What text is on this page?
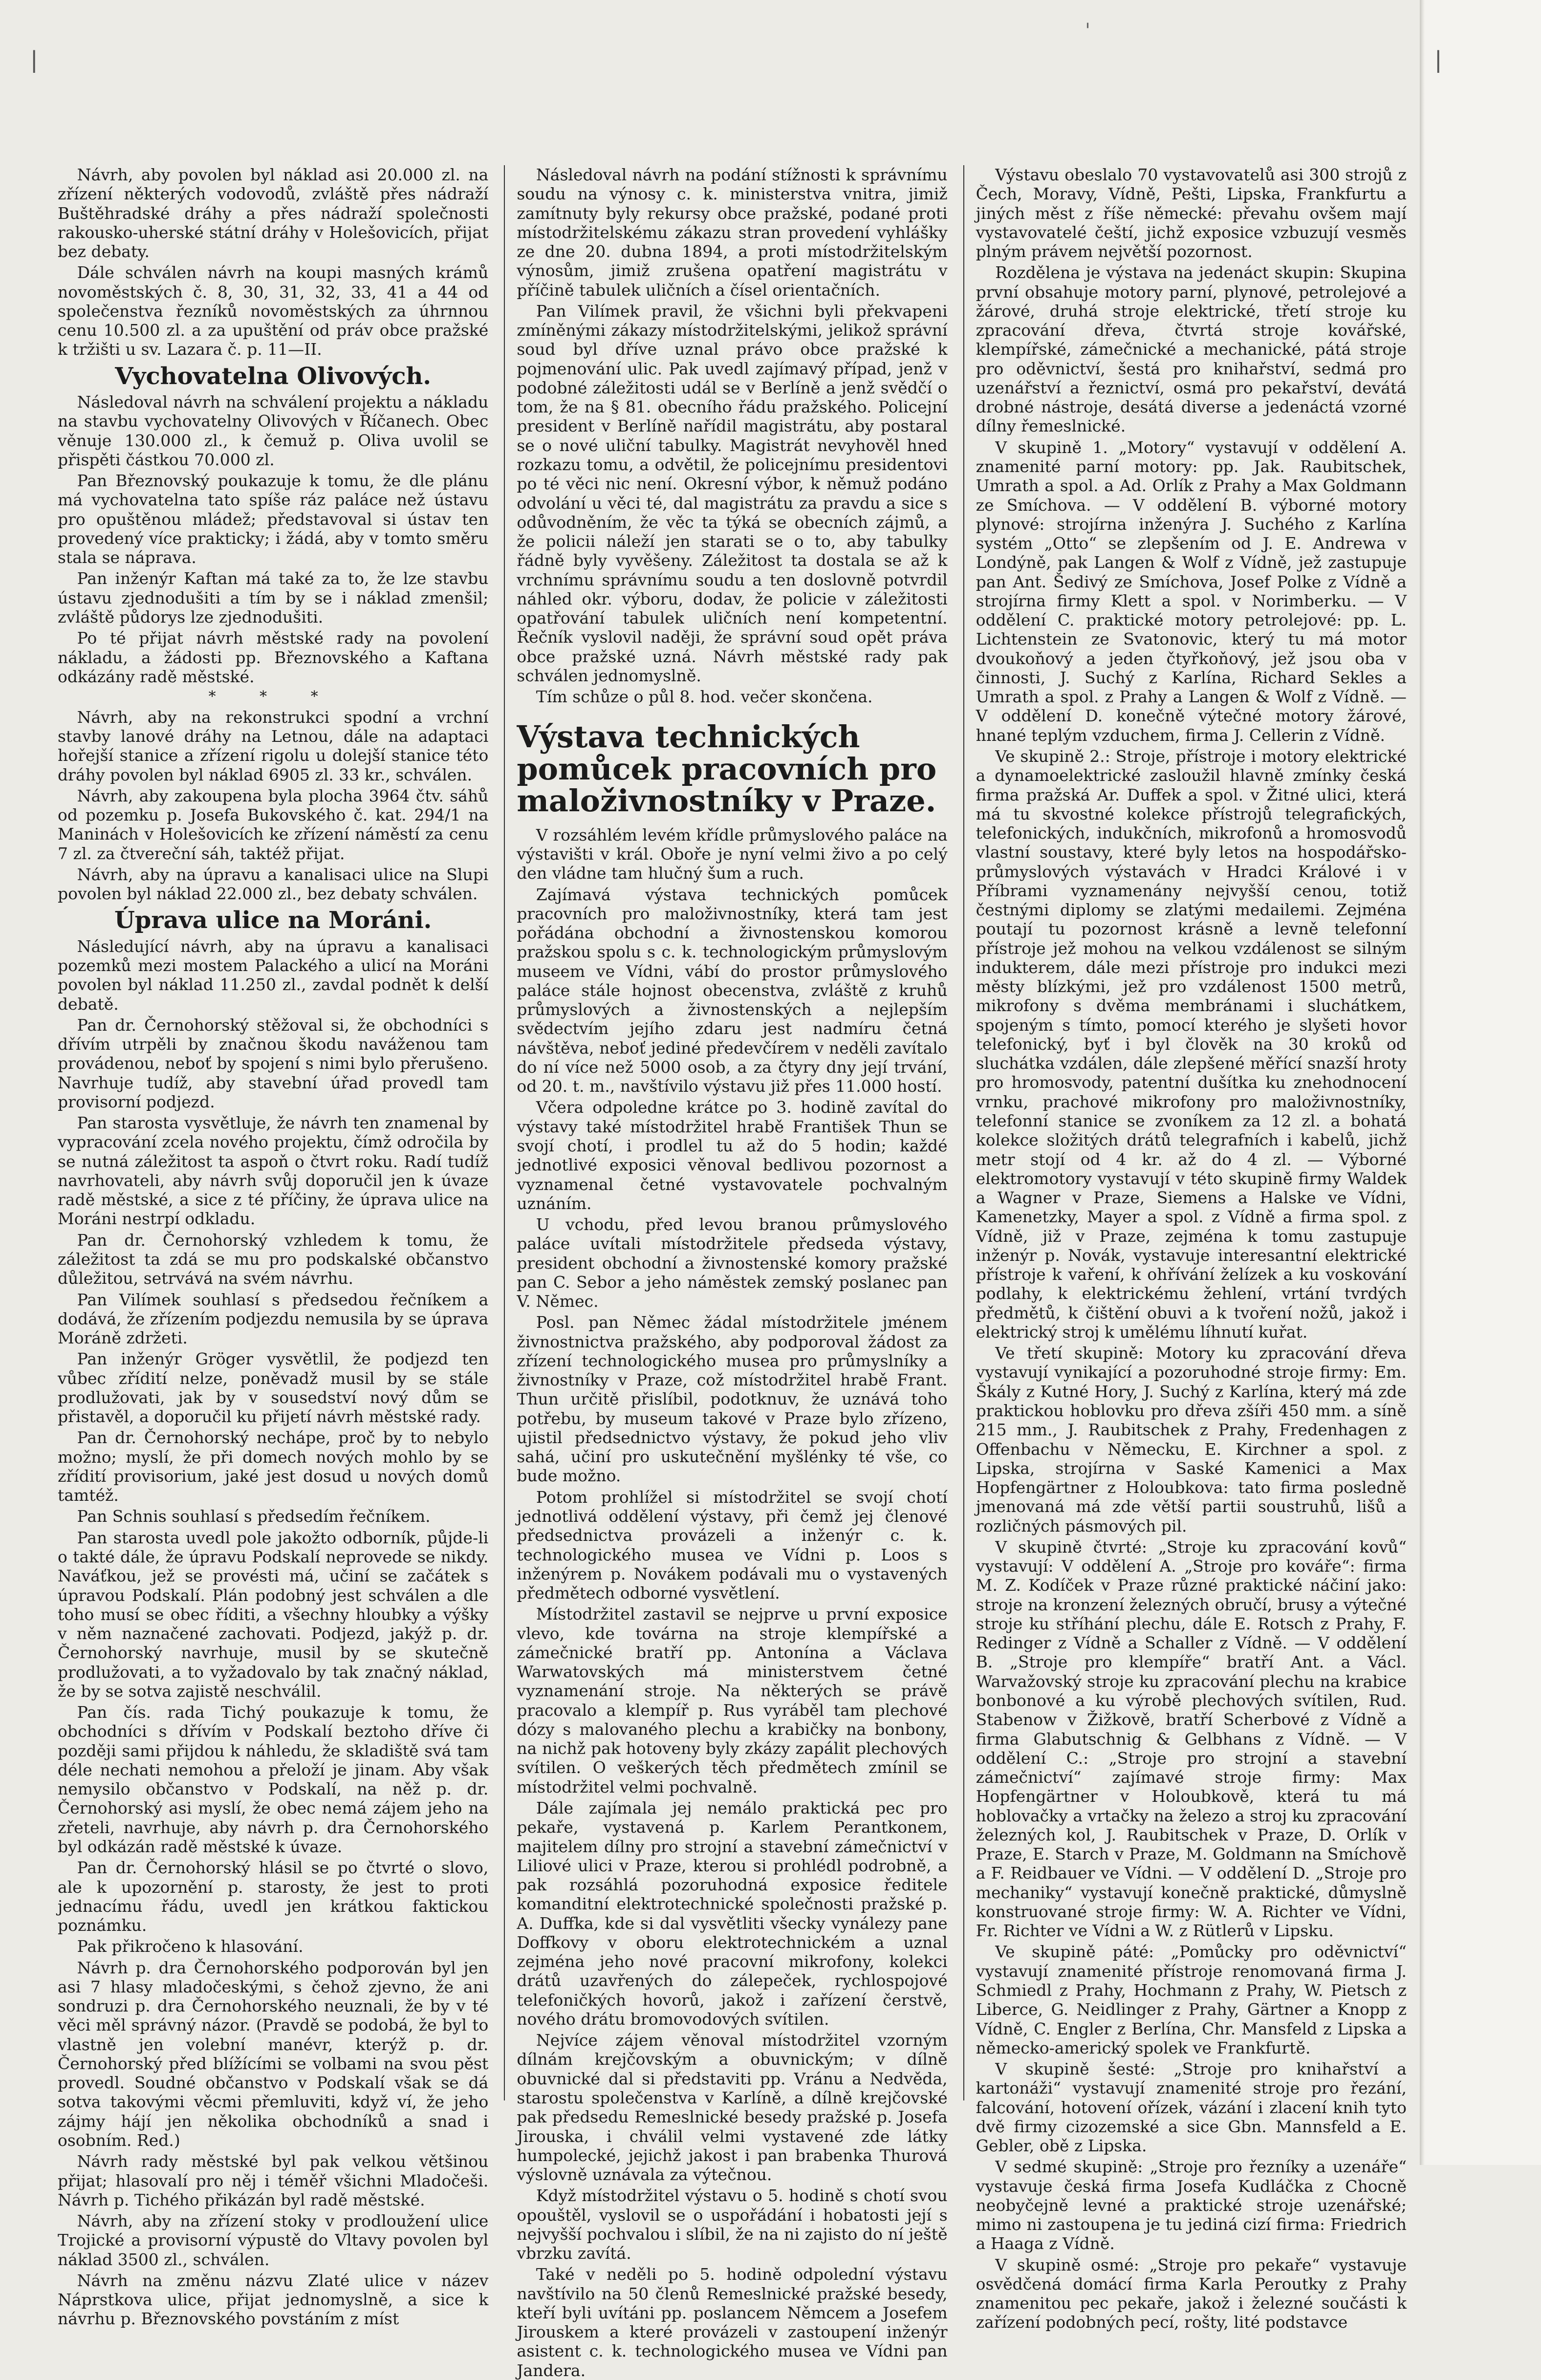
|	|
'

Návrh, aby povolen byl náklad asi 20.000 zl. na zřízení některých vodovodů, zvláště přes nádraží Buštěhradské dráhy a přes nádraží společnosti rakousko-uherské státní dráhy v Holešovicích, přijat bez debaty.

Dále schválen návrh na koupi masných krámů novoměstských č. 8, 30, 31, 32, 33, 41 a 44 od společenstva řezníků novoměstských za úhrnnou cenu 10.500 zl. a za upuštění od práv obce pražské k tržišti u sv. Lazara č. p. 11—II.

Vychovatelna Olivových.

Následoval návrh na schválení projektu a nákladu na stavbu vychovatelny Olivových v Říčanech. Obec věnuje 130.000 zl., k čemuž p. Oliva uvolil se přispěti částkou 70.000 zl.

Pan Březnovský poukazuje k tomu, že dle plánu má vychovatelna tato spíše ráz paláce než ústavu pro opuštěnou mládež; představoval si ústav ten provedený více prakticky; i žádá, aby v tomto směru stala se náprava.

Pan inženýr Kaftan má také za to, že lze stavbu ústavu zjednodušiti a tím by se i náklad zmenšil; zvláště půdorys lze zjednodušiti.

Po té přijat návrh městské rady na povolení nákladu, a žádosti pp. Březnovského a Kaftana odkázány radě městské.

* * *

Návrh, aby na rekonstrukci spodní a vrchní stavby lanové dráhy na Letnou, dále na adaptaci hořejší stanice a zřízení rigolu u dolejší stanice této dráhy povolen byl náklad 6905 zl. 33 kr., schválen.

Návrh, aby zakoupena byla plocha 3964 čtv. sáhů od pozemku p. Josefa Bukovského č. kat. 294/1 na Maninách v Holešovicích ke zřízení náměstí za cenu 7 zl. za čtvereční sáh, taktéž přijat.

Návrh, aby na úpravu a kanalisaci ulice na Slupi povolen byl náklad 22.000 zl., bez debaty schválen.

Úprava ulice na Moráni.

Následující návrh, aby na úpravu a kanalisaci pozemků mezi mostem Palackého a ulicí na Moráni povolen byl náklad 11.250 zl., zavdal podnět k delší debatě.

Pan dr. Černohorský stěžoval si, že obchodníci s dřívím utrpěli by značnou škodu naváženou tam provádenou, neboť by spojení s nimi bylo přerušeno. Navrhuje tudíž, aby stavební úřad provedl tam provisorní podjezd.

Pan starosta vysvětluje, že návrh ten znamenal by vypracování zcela nového projektu, čímž odročila by se nutná záležitost ta aspoň o čtvrt roku. Radí tudíž navrhovateli, aby návrh svůj doporučil jen k úvaze radě městské, a sice z té příčiny, že úprava ulice na Moráni nestrpí odkladu.

Pan dr. Černohorský vzhledem k tomu, že záležitost ta zdá se mu pro podskalské občanstvo důležitou, setrvává na svém návrhu.

Pan Vilímek souhlasí s předsedou řečníkem a dodává, že zřízením podjezdu nemusila by se úprava Moráně zdržeti.

Pan inženýr Gröger vysvětlil, že podjezd ten vůbec zřídití nelze, poněvadž musil by se stále prodlužovati, jak by v sousedství nový dům se přistavěl, a doporučil ku přijetí návrh městské rady.

Pan dr. Černohorský nechápe, proč by to nebylo možno; myslí, že při domech nových mohlo by se zřídití provisorium, jaké jest dosud u nových domů tamtéž.

Pan Schnis souhlasí s předsedím řečníkem.

Pan starosta uvedl pole jakožto odborník, půjde-li o takté dále, že úpravu Podskalí neprovede se nikdy. Naváťkou, jež se provésti má, učiní se začátek s úpravou Podskalí. Plán podobný jest schválen a dle toho musí se obec říditi, a všechny hloubky a výšky v něm naznačené zachovati. Podjezd, jakýž p. dr. Černohorský navrhuje, musil by se skutečně prodlužovati, a to vyžadovalo by tak značný náklad, že by se sotva zajistě neschválil.

Pan čís. rada Tichý poukazuje k tomu, že obchodníci s dřívím v Podskalí beztoho dříve či později sami přijdou k náhledu, že skladiště svá tam déle nechati nemohou a přeloží je jinam. Aby však nemysilo občanstvo v Podskalí, na něž p. dr. Černohorský asi myslí, že obec nemá zájem jeho na zřeteli, navrhuje, aby návrh p. dra Černohorského byl odkázán radě městské k úvaze.

Pan dr. Černohorský hlásil se po čtvrté o slovo, ale k upozornění p. starosty, že jest to proti jednacímu řádu, uvedl jen krátkou faktickou poznámku.

Pak přikročeno k hlasování.

Návrh p. dra Černohorského podporován byl jen asi 7 hlasy mladočeskými, s čehož zjevno, že ani sondruzi p. dra Černohorského neuznali, že by v té věci měl správný názor. (Pravdě se podobá, že byl to vlastně jen volební manévr, kterýž p. dr. Černohorský před blížícími se volbami na svou pěst provedl. Soudné občanstvo v Podskalí však se dá sotva takovými věcmi přemluviti, když ví, že jeho zájmy hájí jen několika obchodníků a snad i osobním. Red.)

Návrh rady městské byl pak velkou většinou přijat; hlasovalí pro něj i téměř všichni Mladočeši. Návrh p. Tichého přikázán byl radě městské.

Návrh, aby na zřízení stoky v prodloužení ulice Trojické a provisorní výpustě do Vltavy povolen byl náklad 3500 zl., schválen.

Návrh na změnu názvu Zlaté ulice v název Náprstkova ulice, přijat jednomyslně, a sice k návrhu p. Březnovského povstáním z míst

Následoval návrh na podání stížnosti k správnímu soudu na výnosy c. k. ministerstva vnitra, jimiž zamítnuty byly rekursy obce pražské, podané proti místodržitelskému zákazu stran provedení vyhlášky ze dne 20. dubna 1894, a proti místodržitelským výnosům, jimiž zrušena opatření magistrátu v příčině tabulek uličních a čísel orientačních.

Pan Vilímek pravil, že všichni byli překvapeni zmíněnými zákazy místodržitelskými, jelikož správní soud byl dříve uznal právo obce pražské k pojmenování ulic. Pak uvedl zajímavý případ, jenž v podobné záležitosti udál se v Berlíně a jenž svědčí o tom, že na § 81. obecního řádu pražského. Policejní president v Berlíně nařídil magistrátu, aby postaral se o nové uliční tabulky. Magistrát nevyhověl hned rozkazu tomu, a odvětil, že policejnímu presidentovi po té věci nic není. Okresní výbor, k němuž podáno odvolání u věci té, dal magistrátu za pravdu a sice s odůvodněním, že věc ta týká se obecních zájmů, a že policii náleží jen starati se o to, aby tabulky řádně byly vyvěšeny. Záležitost ta dostala se až k vrchnímu správnímu soudu a ten doslovně potvrdil náhled okr. výboru, dodav, že policie v záležitosti opatřování tabulek uličních není kompetentní. Řečník vyslovil naději, že správní soud opět práva obce pražské uzná. Návrh městské rady pak schválen jednomyslně.

Tím schůze o půl 8. hod. večer skončena.

Výstava technických pomůcek pracovních pro maloživnostníky v Praze.

V rozsáhlém levém křídle průmyslového paláce na výstavišti v král. Oboře je nyní velmi živo a po celý den vládne tam hlučný šum a ruch.

Zajímavá výstava technických pomůcek pracovních pro maloživnostníky, která tam jest pořádána obchodní a živnostenskou komorou pražskou spolu s c. k. technologickým průmyslovým museem ve Vídni, vábí do prostor průmyslového paláce stále hojnost obecenstva, zvláště z kruhů průmyslových a živnostenských a nejlepším svědectvím jejího zdaru jest nadmíru četná návštěva, neboť jediné předevčírem v neděli zavítalo do ní více než 5000 osob, a za čtyry dny její trvání, od 20. t. m., navštívilo výstavu již přes 11.000 hostí.

Včera odpoledne krátce po 3. hodině zavítal do výstavy také místodržitel hrabě František Thun se svojí chotí, i prodlel tu až do 5 hodin; každé jednotlivé exposici věnoval bedlivou pozornost a vyznamenal četné vystavovatele pochvalným uznáním.

U vchodu, před levou branou průmyslového paláce uvítali místodržitele předseda výstavy, president obchodní a živnostenské komory pražské pan C. Sebor a jeho náměstek zemský poslanec pan V. Němec.

Posl. pan Němec žádal místodržitele jménem živnostnictva pražského, aby podporoval žádost za zřízení technologického musea pro průmyslníky a živnostníky v Praze, což místodržitel hrabě Frant. Thun určitě přislíbil, podotknuv, že uznává toho potřebu, by museum takové v Praze bylo zřízeno, ujistil předsednictvo výstavy, že pokud jeho vliv sahá, učiní pro uskutečnění myšlénky té vše, co bude možno.

Potom prohlížel si místodržitel se svojí chotí jednotlivá oddělení výstavy, při čemž jej členové předsednictva provázeli a inženýr c. k. technologického musea ve Vídni p. Loos s inženýrem p. Novákem podávali mu o vystavených předmětech odborné vysvětlení.

Místodržitel zastavil se nejprve u první exposice vlevo, kde továrna na stroje klempířské a zámečnické bratří pp. Antonína a Václava Warwatovských má ministerstvem četné vyznamenání stroje. Na některých se právě pracovalo a klempíř p. Rus vyráběl tam plechové dózy s malovaného plechu a krabičky na bonbony, na nichž pak hotoveny byly zkázy zapálit plechových svítilen. O veškerých těch předmětech zmínil se místodržitel velmi pochvalně.

Dále zajímala jej nemálo praktická pec pro pekaře, vystavená p. Karlem Perantkonem, majitelem dílny pro strojní a stavební zámečnictví v Liliové ulici v Praze, kterou si prohlédl podrobně, a pak rozsáhlá pozoruhodná exposice ředitele komanditní elektrotechnické společnosti pražské p. A. Duffka, kde si dal vysvětliti všecky vynálezy pane Doffkovy v oboru elektrotechnickém a uznal zejména jeho nové pracovní mikrofony, kolekci drátů uzavřených do zálepeček, rychlospojové telefoničkých hovorů, jakož i zařízení čerstvě, nového drátu bromovodových svítilen.

Nejvíce zájem věnoval místodržitel vzorným dílnám krejčovským a obuvnickým; v dílně obuvnické dal si představiti pp. Vránu a Nedvěda, starostu společenstva v Karlíně, a dílně krejčovské pak předsedu Remeslnické besedy pražské p. Josefa Jirouska, i chválil velmi vystavené zde látky humpolecké, jejichž jakost i pan brabenka Thurová výslovně uznávala za výtečnou.

Když místodržitel výstavu o 5. hodině s chotí svou opouštěl, vyslovil se o uspořádání i hobatosti její s nejvyšší pochvalou i slíbil, že na ni zajisto do ní ještě vbrzku zavítá.

Také v neděli po 5. hodině odpolední výstavu navštívilo na 50 členů Remeslnické pražské besedy, kteří byli uvítáni pp. poslancem Němcem a Josefem Jirouskem a které provázeli v zastoupení inženýr asistent c. k. technologického musea ve Vídni pan Jandera.

Výstavu obeslalo 70 vystavovatelů asi 300 strojů z Čech, Moravy, Vídně, Pešti, Lipska, Frankfurtu a jiných měst z říše německé: převahu ovšem mají vystavovatelé čeští, jichž exposice vzbuzují vesměs plným právem největší pozornost.

Rozdělena je výstava na jedenáct skupin: Skupina první obsahuje motory parní, plynové, petrolejové a žárové, druhá stroje elektrické, třetí stroje ku zpracování dřeva, čtvrtá stroje kovářské, klempířské, zámečnické a mechanické, pátá stroje pro oděvnictví, šestá pro knihařství, sedmá pro uzenářství a řeznictví, osmá pro pekařství, devátá drobné nástroje, desátá diverse a jedenáctá vzorné dílny řemeslnické.

V skupině 1. „Motory“ vystavují v oddělení A. znamenité parní motory: pp. Jak. Raubitschek, Umrath a spol. a Ad. Orlík z Prahy a Max Goldmann ze Smíchova. — V oddělení B. výborné motory plynové: strojírna inženýra J. Suchého z Karlína systém „Otto“ se zlepšením od J. E. Andrewa v Londýně, pak Langen & Wolf z Vídně, jež zastupuje pan Ant. Šedivý ze Smíchova, Josef Polke z Vídně a strojírna firmy Klett a spol. v Norimberku. — V oddělení C. praktické motory petrolejové: pp. L. Lichtenstein ze Svatonovic, který tu má motor dvoukoňový a jeden čtyřkoňový, jež jsou oba v činnosti, J. Suchý z Karlína, Richard Sekles a Umrath a spol. z Prahy a Langen & Wolf z Vídně. — V oddělení D. konečně výtečné motory žárové, hnané teplým vzduchem, firma J. Cellerin z Vídně.

Ve skupině 2.: Stroje, přístroje i motory elektrické a dynamoelektrické zasloužil hlavně zmínky česká firma pražská Ar. Duffek a spol. v Žitné ulici, která má tu skvostné kolekce přístrojů telegrafických, telefonických, indukčních, mikrofonů a hromosvodů vlastní soustavy, které byly letos na hospodářsko-průmyslových výstavách v Hradci Králové i v Příbrami vyznamenány nejvyšší cenou, totiž čestnými diplomy se zlatými medailemi. Zejména poutají tu pozornost krásně a levně telefonní přístroje jež mohou na velkou vzdálenost se silným indukterem, dále mezi přístroje pro indukci mezi městy blízkými, jež pro vzdálenost 1500 metrů, mikrofony s dvěma membránami i sluchátkem, spojeným s tímto, pomocí kterého je slyšeti hovor telefonický, byť i byl člověk na 30 kroků od sluchátka vzdálen, dále zlepšené měřící snazší hroty pro hromosvody, patentní dušítka ku znehodnocení vrnku, prachové mikrofony pro maloživnostníky, telefonní stanice se zvoníkem za 12 zl. a bohatá kolekce složitých drátů telegrafních i kabelů, jichž metr stojí od 4 kr. až do 4 zl. — Výborné elektromotory vystavují v této skupině firmy Waldek a Wagner v Praze, Siemens a Halske ve Vídni, Kamenetzky, Mayer a spol. z Vídně a firma spol. z Vídně, již v Praze, zejména k tomu zastupuje inženýr p. Novák, vystavuje interesantní elektrické přístroje k vaření, k ohřívání želízek a ku voskování podlahy, k elektrickému žehlení, vrtání tvrdých předmětů, k čištění obuvi a k tvoření nožů, jakož i elektrický stroj k umělému líhnutí kuřat.

Ve třetí skupině: Motory ku zpracování dřeva vystavují vynikající a pozoruhodné stroje firmy: Em. Škály z Kutné Hory, J. Suchý z Karlína, který má zde praktickou hoblovku pro dřeva zšíři 450 mm. a síně 215 mm., J. Raubitschek z Prahy, Fredenhagen z Offenbachu v Německu, E. Kirchner a spol. z Lipska, strojírna v Saské Kamenici a Max Hopfengärtner z Holoubkova: tato firma posledně jmenovaná má zde větší partii soustruhů, lišů a rozličných pásmových pil.

V skupině čtvrté: „Stroje ku zpracování kovů“ vystavují: V oddělení A. „Stroje pro kováře“: firma M. Z. Kodíček v Praze různé praktické náčiní jako: stroje na kronzení železných obručí, brusy a výtečné stroje ku stříhání plechu, dále E. Rotsch z Prahy, F. Redinger z Vídně a Schaller z Vídně. — V oddělení B. „Stroje pro klempíře“ bratří Ant. a Václ. Warvažovský stroje ku zpracování plechu na krabice bonbonové a ku výrobě plechových svítilen, Rud. Stabenow v Žižkově, bratří Scherbové z Vídně a firma Glabutschnig & Gelbhans z Vídně. — V oddělení C.: „Stroje pro strojní a stavební zámečnictví“ zajímavé stroje firmy: Max Hopfengärtner v Holoubkově, která tu má hoblovačky a vrtačky na železo a stroj ku zpracování železných kol, J. Raubitschek v Praze, D. Orlík v Praze, E. Starch v Praze, M. Goldmann na Smíchově a F. Reidbauer ve Vídni. — V oddělení D. „Stroje pro mechaniky“ vystavují konečně praktické, důmyslně konstruované stroje firmy: W. A. Richter ve Vídni, Fr. Richter ve Vídni a W. z Rütlerů v Lipsku.

Ve skupině páté: „Pomůcky pro oděvnictví“ vystavují znamenité přístroje renomovaná firma J. Schmiedl z Prahy, Hochmann z Prahy, W. Pietsch z Liberce, G. Neidlinger z Prahy, Gärtner a Knopp z Vídně, C. Engler z Berlína, Chr. Mansfeld z Lipska a německo-americký spolek ve Frankfurtě.

V skupině šesté: „Stroje pro knihařství a kartonáži“ vystavují znamenité stroje pro řezání, falcování, hotovení ořízek, vázání i zlacení knih tyto dvě firmy cizozemské a sice Gbn. Mannsfeld a E. Gebler, obě z Lipska.

V sedmé skupině: „Stroje pro řezníky a uzenáře“ vystavuje česká firma Josefa Kudláčka z Chocně neobyčejně levné a praktické stroje uzenářské; mimo ni zastoupena je tu jediná cizí firma: Friedrich a Haaga z Vídně.

V skupině osmé: „Stroje pro pekaře“ vystavuje osvědčená domácí firma Karla Peroutky z Prahy znamenitou pec pekaře, jakož i železné součásti k zařízení podobných pecí, rošty, lité podstavce
